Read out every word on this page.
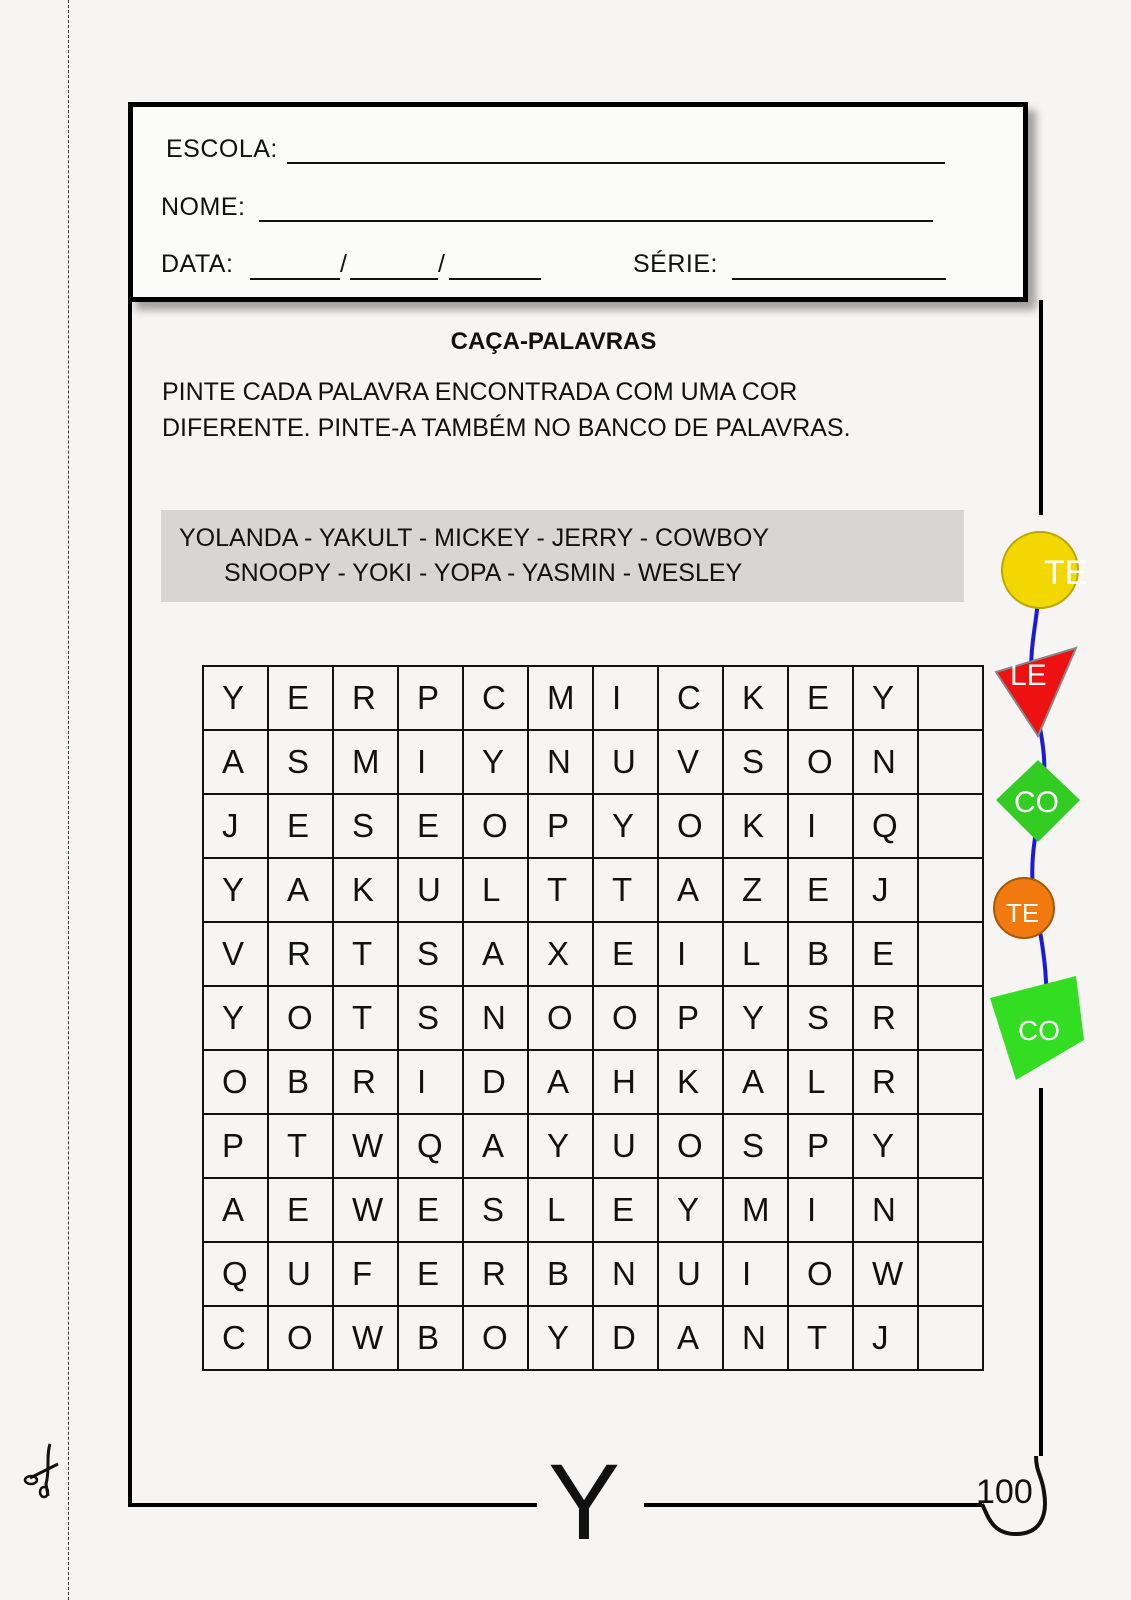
ESCOLA:
NOME:
DATA:	/	/	SÉRIE:
CAÇA-PALAVRAS
PINTE CADA PALAVRA ENCONTRADA COM UMA COR DIFERENTE. PINTE-A TAMBÉM NO BANCO DE PALAVRAS.
YOLANDA - YAKULT - MICKEY - JERRY - COWBOY
SNOOPY - YOKI - YOPA - YASMIN - WESLEY
Y	E	R	P	C	M	I	C	K	E	Y	

A	S	M	I	Y	N	U	V	S	O	N	

J	E	S	E	O	P	Y	O	K	I	Q	

Y	A	K	U	L	T	T	A	Z	E	J	

V	R	T	S	A	X	E	I	L	B	E	

Y	O	T	S	N	O	O	P	Y	S	R	

O	B	R	I	D	A	H	K	A	L	R	

P	T	W	Q	A	Y	U	O	S	P	Y	

A	E	W	E	S	L	E	Y	M	I	N	

Q	U	F	E	R	B	N	U	I	O	W	

C	O	W	B	O	Y	D	A	N	T	J	

TE
LE
CO
TE
CO
Y	100
